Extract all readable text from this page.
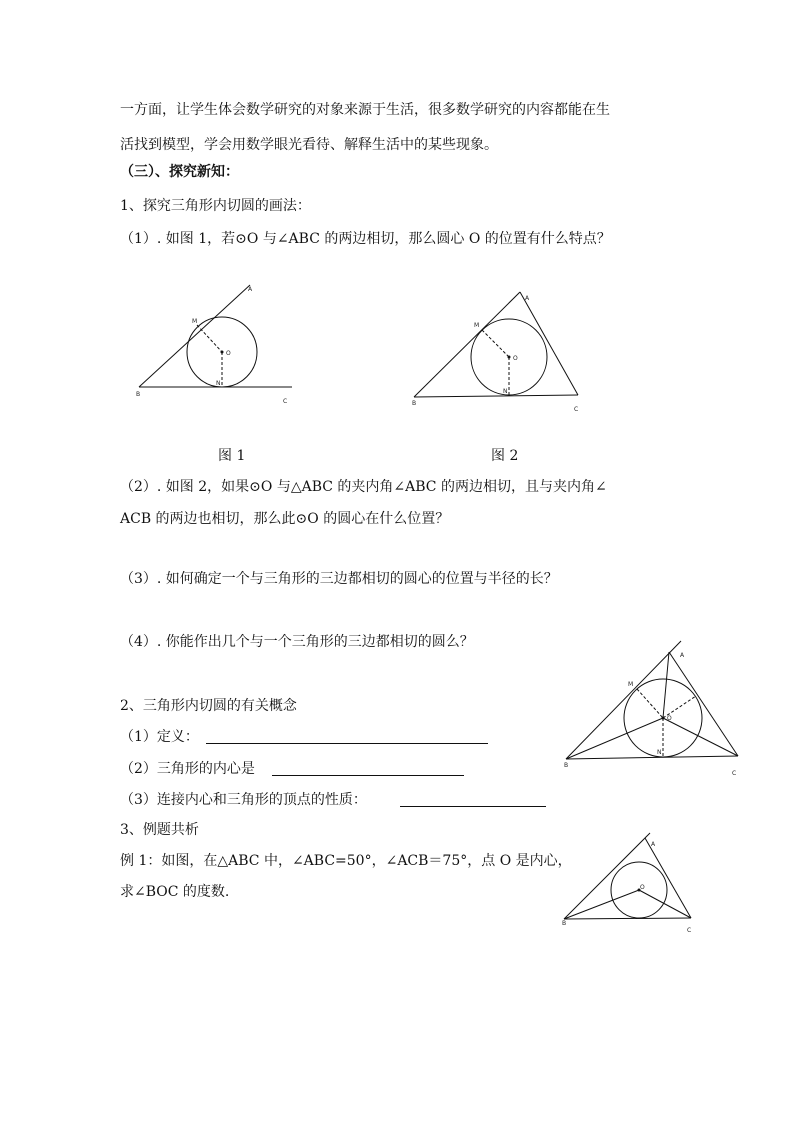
一方面，让学生体会数学研究的对象来源于生活，很多数学研究的内容都能在生
活找到模型，学会用数学眼光看待、解释生活中的某些现象。
（三）、探究新知：
1、探究三角形内切圆的画法：
（1）. 如图 1，若⊙O 与∠ABC 的两边相切，那么圆心 O 的位置有什么特点？
图 1	图 2
（2）. 如图 2，如果⊙O 与△ABC 的夹内角∠ABC 的两边相切，且与夹内角∠
ACB 的两边也相切，那么此⊙O 的圆心在什么位置？
（3）. 如何确定一个与三角形的三边都相切的圆心的位置与半径的长？
（4）. 你能作出几个与一个三角形的三边都相切的圆么？
2、三角形内切圆的有关概念
（1）定义：
（2）三角形的内心是
（3）连接内心和三角形的顶点的性质：
3、例题共析
例 1：如图，在△ABC 中，∠ABC=50°，∠ACB＝75°，点 O 是内心，
求∠BOC 的度数.
A
M
O
N
B
C
A
M
O
N
B
C
A
M
O
N
B
C
A
O
B
C
